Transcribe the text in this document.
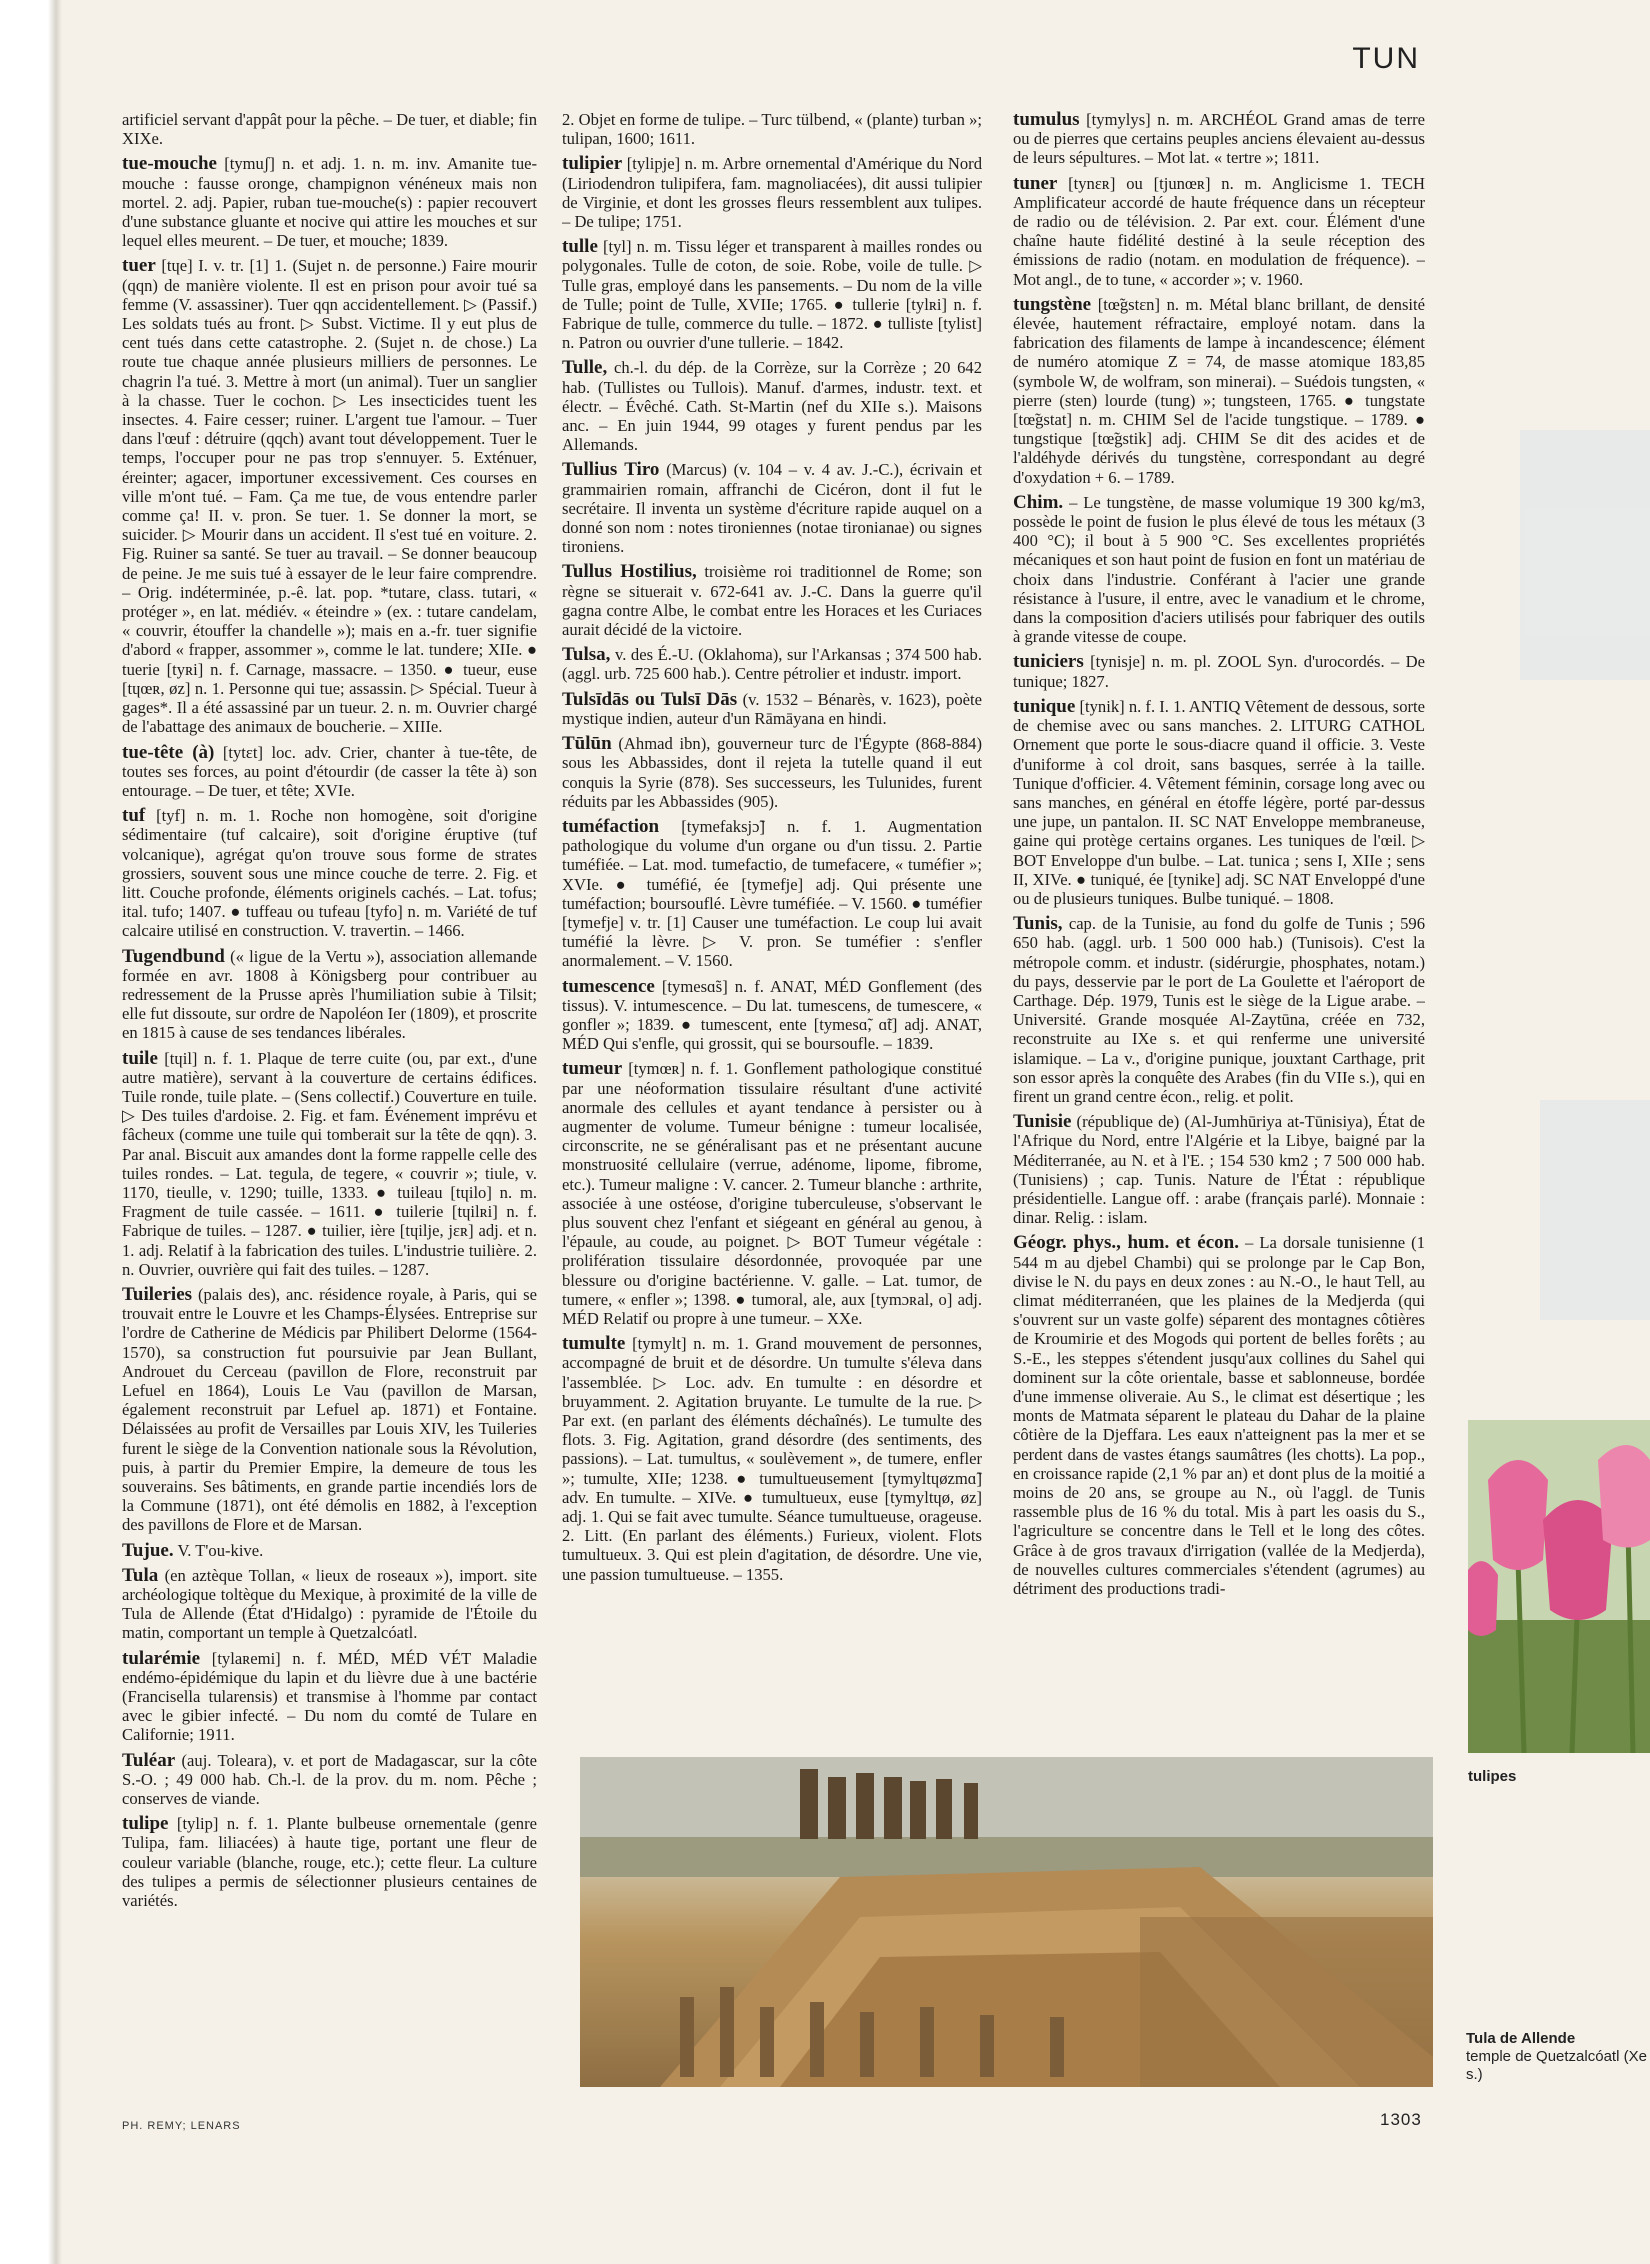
TUN

artificiel servant d'appât pour la pêche. – De tuer, et diable; fin XIXe.

tue-mouche [tymuʃ] n. et adj. 1. n. m. inv. Amanite tue-mouche : fausse oronge, champignon vénéneux mais non mortel. 2. adj. Papier, ruban tue-mouche(s) : papier recouvert d'une substance gluante et nocive qui attire les mouches et sur lequel elles meurent. – De tuer, et mouche; 1839.

tuer [tɥe] I. v. tr. [1] 1. (Sujet n. de personne.) Faire mourir (qqn) de manière violente. Il est en prison pour avoir tué sa femme (V. assassiner). Tuer qqn accidentellement. ▷ (Passif.) Les soldats tués au front. ▷ Subst. Victime. Il y eut plus de cent tués dans cette catastrophe. 2. (Sujet n. de chose.) La route tue chaque année plusieurs milliers de personnes. Le chagrin l'a tué. 3. Mettre à mort (un animal). Tuer un sanglier à la chasse. Tuer le cochon. ▷ Les insecticides tuent les insectes. 4. Faire cesser; ruiner. L'argent tue l'amour. – Tuer dans l'œuf : détruire (qqch) avant tout développement. Tuer le temps, l'occuper pour ne pas trop s'ennuyer. 5. Exténuer, éreinter; agacer, importuner excessivement. Ces courses en ville m'ont tué. – Fam. Ça me tue, de vous entendre parler comme ça! II. v. pron. Se tuer. 1. Se donner la mort, se suicider. ▷ Mourir dans un accident. Il s'est tué en voiture. 2. Fig. Ruiner sa santé. Se tuer au travail. – Se donner beaucoup de peine. Je me suis tué à essayer de le leur faire comprendre. – Orig. indéterminée, p.-ê. lat. pop. *tutare, class. tutari, « protéger », en lat. médiév. « éteindre » (ex. : tutare candelam, « couvrir, étouffer la chandelle »); mais en a.-fr. tuer signifie d'abord « frapper, assommer », comme le lat. tundere; XIIe. ● tuerie [tyʀi] n. f. Carnage, massacre. – 1350. ● tueur, euse [tɥœʀ, øz] n. 1. Personne qui tue; assassin. ▷ Spécial. Tueur à gages*. Il a été assassiné par un tueur. 2. n. m. Ouvrier chargé de l'abattage des animaux de boucherie. – XIIIe.

tue-tête (à) [tytɛt] loc. adv. Crier, chanter à tue-tête, de toutes ses forces, au point d'étourdir (de casser la tête à) son entourage. – De tuer, et tête; XVIe.

tuf [tyf] n. m. 1. Roche non homogène, soit d'origine sédimentaire (tuf calcaire), soit d'origine éruptive (tuf volcanique), agrégat qu'on trouve sous forme de strates grossiers, souvent sous une mince couche de terre. 2. Fig. et litt. Couche profonde, éléments originels cachés. – Lat. tofus; ital. tufo; 1407. ● tuffeau ou tufeau [tyfo] n. m. Variété de tuf calcaire utilisé en construction. V. travertin. – 1466.

Tugendbund (« ligue de la Vertu »), association allemande formée en avr. 1808 à Königsberg pour contribuer au redressement de la Prusse après l'humiliation subie à Tilsit; elle fut dissoute, sur ordre de Napoléon Ier (1809), et proscrite en 1815 à cause de ses tendances libérales.

tuile [tɥil] n. f. 1. Plaque de terre cuite (ou, par ext., d'une autre matière), servant à la couverture de certains édifices. Tuile ronde, tuile plate. – (Sens collectif.) Couverture en tuile. ▷ Des tuiles d'ardoise. 2. Fig. et fam. Événement imprévu et fâcheux (comme une tuile qui tomberait sur la tête de qqn). 3. Par anal. Biscuit aux amandes dont la forme rappelle celle des tuiles rondes. – Lat. tegula, de tegere, « couvrir »; tiule, v. 1170, tieulle, v. 1290; tuille, 1333. ● tuileau [tɥilo] n. m. Fragment de tuile cassée. – 1611. ● tuilerie [tɥilʀi] n. f. Fabrique de tuiles. – 1287. ● tuilier, ière [tɥilje, jɛʀ] adj. et n. 1. adj. Relatif à la fabrication des tuiles. L'industrie tuilière. 2. n. Ouvrier, ouvrière qui fait des tuiles. – 1287.

Tuileries (palais des), anc. résidence royale, à Paris, qui se trouvait entre le Louvre et les Champs-Élysées. Entreprise sur l'ordre de Catherine de Médicis par Philibert Delorme (1564-1570), sa construction fut poursuivie par Jean Bullant, Androuet du Cerceau (pavillon de Flore, reconstruit par Lefuel en 1864), Louis Le Vau (pavillon de Marsan, également reconstruit par Lefuel ap. 1871) et Fontaine. Délaissées au profit de Versailles par Louis XIV, les Tuileries furent le siège de la Convention nationale sous la Révolution, puis, à partir du Premier Empire, la demeure de tous les souverains. Ses bâtiments, en grande partie incendiés lors de la Commune (1871), ont été démolis en 1882, à l'exception des pavillons de Flore et de Marsan.

Tujue. V. T'ou-kive.

Tula (en aztèque Tollan, « lieux de roseaux »), import. site archéologique toltèque du Mexique, à proximité de la ville de Tula de Allende (État d'Hidalgo) : pyramide de l'Étoile du matin, comportant un temple à Quetzalcóatl.

tularémie [tylaʀemi] n. f. MÉD, MÉD VÉT Maladie endémo-épidémique du lapin et du lièvre due à une bactérie (Francisella tularensis) et transmise à l'homme par contact avec le gibier infecté. – Du nom du comté de Tulare en Californie; 1911.

Tuléar (auj. Toleara), v. et port de Madagascar, sur la côte S.-O. ; 49 000 hab. Ch.-l. de la prov. du m. nom. Pêche ; conserves de viande.

tulipe [tylip] n. f. 1. Plante bulbeuse ornementale (genre Tulipa, fam. liliacées) à haute tige, portant une fleur de couleur variable (blanche, rouge, etc.); cette fleur. La culture des tulipes a permis de sélectionner plusieurs centaines de variétés.

2. Objet en forme de tulipe. – Turc tülbend, « (plante) turban »; tulipan, 1600; 1611.

tulipier [tylipje] n. m. Arbre ornemental d'Amérique du Nord (Liriodendron tulipifera, fam. magnoliacées), dit aussi tulipier de Virginie, et dont les grosses fleurs ressemblent aux tulipes. – De tulipe; 1751.

tulle [tyl] n. m. Tissu léger et transparent à mailles rondes ou polygonales. Tulle de coton, de soie. Robe, voile de tulle. ▷ Tulle gras, employé dans les pansements. – Du nom de la ville de Tulle; point de Tulle, XVIIe; 1765. ● tullerie [tylʀi] n. f. Fabrique de tulle, commerce du tulle. – 1872. ● tulliste [tylist] n. Patron ou ouvrier d'une tullerie. – 1842.

Tulle, ch.-l. du dép. de la Corrèze, sur la Corrèze ; 20 642 hab. (Tullistes ou Tullois). Manuf. d'armes, industr. text. et électr. – Évêché. Cath. St-Martin (nef du XIIe s.). Maisons anc. – En juin 1944, 99 otages y furent pendus par les Allemands.

Tullius Tiro (Marcus) (v. 104 – v. 4 av. J.-C.), écrivain et grammairien romain, affranchi de Cicéron, dont il fut le secrétaire. Il inventa un système d'écriture rapide auquel on a donné son nom : notes tironiennes (notae tironianae) ou signes tironiens.

Tullus Hostilius, troisième roi traditionnel de Rome; son règne se situerait v. 672-641 av. J.-C. Dans la guerre qu'il gagna contre Albe, le combat entre les Horaces et les Curiaces aurait décidé de la victoire.

Tulsa, v. des É.-U. (Oklahoma), sur l'Arkansas ; 374 500 hab. (aggl. urb. 725 600 hab.). Centre pétrolier et industr. import.

Tulsīdās ou Tulsī Dās (v. 1532 – Bénarès, v. 1623), poète mystique indien, auteur d'un Rāmāyana en hindi.

Tūlūn (Ahmad ibn), gouverneur turc de l'Égypte (868-884) sous les Abbassides, dont il rejeta la tutelle quand il eut conquis la Syrie (878). Ses successeurs, les Tulunides, furent réduits par les Abbassides (905).

tuméfaction [tymefaksjɔ̃] n. f. 1. Augmentation pathologique du volume d'un organe ou d'un tissu. 2. Partie tuméfiée. – Lat. mod. tumefactio, de tumefacere, « tuméfier »; XVIe. ● tuméfié, ée [tymefje] adj. Qui présente une tuméfaction; boursouflé. Lèvre tuméfiée. – V. 1560. ● tuméfier [tymefje] v. tr. [1] Causer une tuméfaction. Le coup lui avait tuméfié la lèvre. ▷ V. pron. Se tuméfier : s'enfler anormalement. – V. 1560.

tumescence [tymesɑ̃s] n. f. ANAT, MÉD Gonflement (des tissus). V. intumescence. – Du lat. tumescens, de tumescere, « gonfler »; 1839. ● tumescent, ente [tymesɑ̃, ɑ̃t] adj. ANAT, MÉD Qui s'enfle, qui grossit, qui se boursoufle. – 1839.

tumeur [tymœʀ] n. f. 1. Gonflement pathologique constitué par une néoformation tissulaire résultant d'une activité anormale des cellules et ayant tendance à persister ou à augmenter de volume. Tumeur bénigne : tumeur localisée, circonscrite, ne se généralisant pas et ne présentant aucune monstruosité cellulaire (verrue, adénome, lipome, fibrome, etc.). Tumeur maligne : V. cancer. 2. Tumeur blanche : arthrite, associée à une ostéose, d'origine tuberculeuse, s'observant le plus souvent chez l'enfant et siégeant en général au genou, à l'épaule, au coude, au poignet. ▷ BOT Tumeur végétale : prolifération tissulaire désordonnée, provoquée par une blessure ou d'origine bactérienne. V. galle. – Lat. tumor, de tumere, « enfler »; 1398. ● tumoral, ale, aux [tymɔʀal, o] adj. MÉD Relatif ou propre à une tumeur. – XXe.

tumulte [tymylt] n. m. 1. Grand mouvement de personnes, accompagné de bruit et de désordre. Un tumulte s'éleva dans l'assemblée. ▷ Loc. adv. En tumulte : en désordre et bruyamment. 2. Agitation bruyante. Le tumulte de la rue. ▷ Par ext. (en parlant des éléments déchaînés). Le tumulte des flots. 3. Fig. Agitation, grand désordre (des sentiments, des passions). – Lat. tumultus, « soulèvement », de tumere, enfler »; tumulte, XIIe; 1238. ● tumultueusement [tymyltɥøzmɑ̃] adv. En tumulte. – XIVe. ● tumultueux, euse [tymyltɥø, øz] adj. 1. Qui se fait avec tumulte. Séance tumultueuse, orageuse. 2. Litt. (En parlant des éléments.) Furieux, violent. Flots tumultueux. 3. Qui est plein d'agitation, de désordre. Une vie, une passion tumultueuse. – 1355.

tumulus [tymylys] n. m. ARCHÉOL Grand amas de terre ou de pierres que certains peuples anciens élevaient au-dessus de leurs sépultures. – Mot lat. « tertre »; 1811.

tuner [tynɛʀ] ou [tjunœʀ] n. m. Anglicisme 1. TECH Amplificateur accordé de haute fréquence dans un récepteur de radio ou de télévision. 2. Par ext. cour. Élément d'une chaîne haute fidélité destiné à la seule réception des émissions de radio (notam. en modulation de fréquence). – Mot angl., de to tune, « accorder »; v. 1960.

tungstène [tœ̃gstɛn] n. m. Métal blanc brillant, de densité élevée, hautement réfractaire, employé notam. dans la fabrication des filaments de lampe à incandescence; élément de numéro atomique Z = 74, de masse atomique 183,85 (symbole W, de wolfram, son minerai). – Suédois tungsten, « pierre (sten) lourde (tung) »; tungsteen, 1765. ● tungstate [tœ̃gstat] n. m. CHIM Sel de l'acide tungstique. – 1789. ● tungstique [tœ̃gstik] adj. CHIM Se dit des acides et de l'aldéhyde dérivés du tungstène, correspondant au degré d'oxydation + 6. – 1789.

Chim. – Le tungstène, de masse volumique 19 300 kg/m3, possède le point de fusion le plus élevé de tous les métaux (3 400 °C); il bout à 5 900 °C. Ses excellentes propriétés mécaniques et son haut point de fusion en font un matériau de choix dans l'industrie. Conférant à l'acier une grande résistance à l'usure, il entre, avec le vanadium et le chrome, dans la composition d'aciers utilisés pour fabriquer des outils à grande vitesse de coupe.

tuniciers [tynisje] n. m. pl. ZOOL Syn. d'urocordés. – De tunique; 1827.

tunique [tynik] n. f. I. 1. ANTIQ Vêtement de dessous, sorte de chemise avec ou sans manches. 2. LITURG CATHOL Ornement que porte le sous-diacre quand il officie. 3. Veste d'uniforme à col droit, sans basques, serrée à la taille. Tunique d'officier. 4. Vêtement féminin, corsage long avec ou sans manches, en général en étoffe légère, porté par-dessus une jupe, un pantalon. II. SC NAT Enveloppe membraneuse, gaine qui protège certains organes. Les tuniques de l'œil. ▷ BOT Enveloppe d'un bulbe. – Lat. tunica ; sens I, XIIe ; sens II, XIVe. ● tuniqué, ée [tynike] adj. SC NAT Enveloppé d'une ou de plusieurs tuniques. Bulbe tuniqué. – 1808.

Tunis, cap. de la Tunisie, au fond du golfe de Tunis ; 596 650 hab. (aggl. urb. 1 500 000 hab.) (Tunisois). C'est la métropole comm. et industr. (sidérurgie, phosphates, notam.) du pays, desservie par le port de La Goulette et l'aéroport de Carthage. Dép. 1979, Tunis est le siège de la Ligue arabe. – Université. Grande mosquée Al-Zaytūna, créée en 732, reconstruite au IXe s. et qui renferme une université islamique. – La v., d'origine punique, jouxtant Carthage, prit son essor après la conquête des Arabes (fin du VIIe s.), qui en firent un grand centre écon., relig. et polit.

Tunisie (république de) (Al-Jumhūriya at-Tūnisiya), État de l'Afrique du Nord, entre l'Algérie et la Libye, baigné par la Méditerranée, au N. et à l'E. ; 154 530 km2 ; 7 500 000 hab. (Tunisiens) ; cap. Tunis. Nature de l'État : république présidentielle. Langue off. : arabe (français parlé). Monnaie : dinar. Relig. : islam.

Géogr. phys., hum. et écon. – La dorsale tunisienne (1 544 m au djebel Chambi) qui se prolonge par le Cap Bon, divise le N. du pays en deux zones : au N.-O., le haut Tell, au climat méditerranéen, que les plaines de la Medjerda (qui s'ouvrent sur un vaste golfe) séparent des montagnes côtières de Kroumirie et des Mogods qui portent de belles forêts ; au S.-E., les steppes s'étendent jusqu'aux collines du Sahel qui dominent sur la côte orientale, basse et sablonneuse, bordée d'une immense oliveraie. Au S., le climat est désertique ; les monts de Matmata séparent le plateau du Dahar de la plaine côtière de la Djeffara. Les eaux n'atteignent pas la mer et se perdent dans de vastes étangs saumâtres (les chotts). La pop., en croissance rapide (2,1 % par an) et dont plus de la moitié a moins de 20 ans, se groupe au N., où l'aggl. de Tunis rassemble plus de 16 % du total. Mis à part les oasis du S., l'agriculture se concentre dans le Tell et le long des côtes. Grâce à de gros travaux d'irrigation (vallée de la Medjerda), de nouvelles cultures commerciales s'étendent (agrumes) au détriment des productions tradi-

tulipes
Tula de Allende
temple de Quetzalcóatl (Xe s.)
PH. REMY; LENARS	1303
